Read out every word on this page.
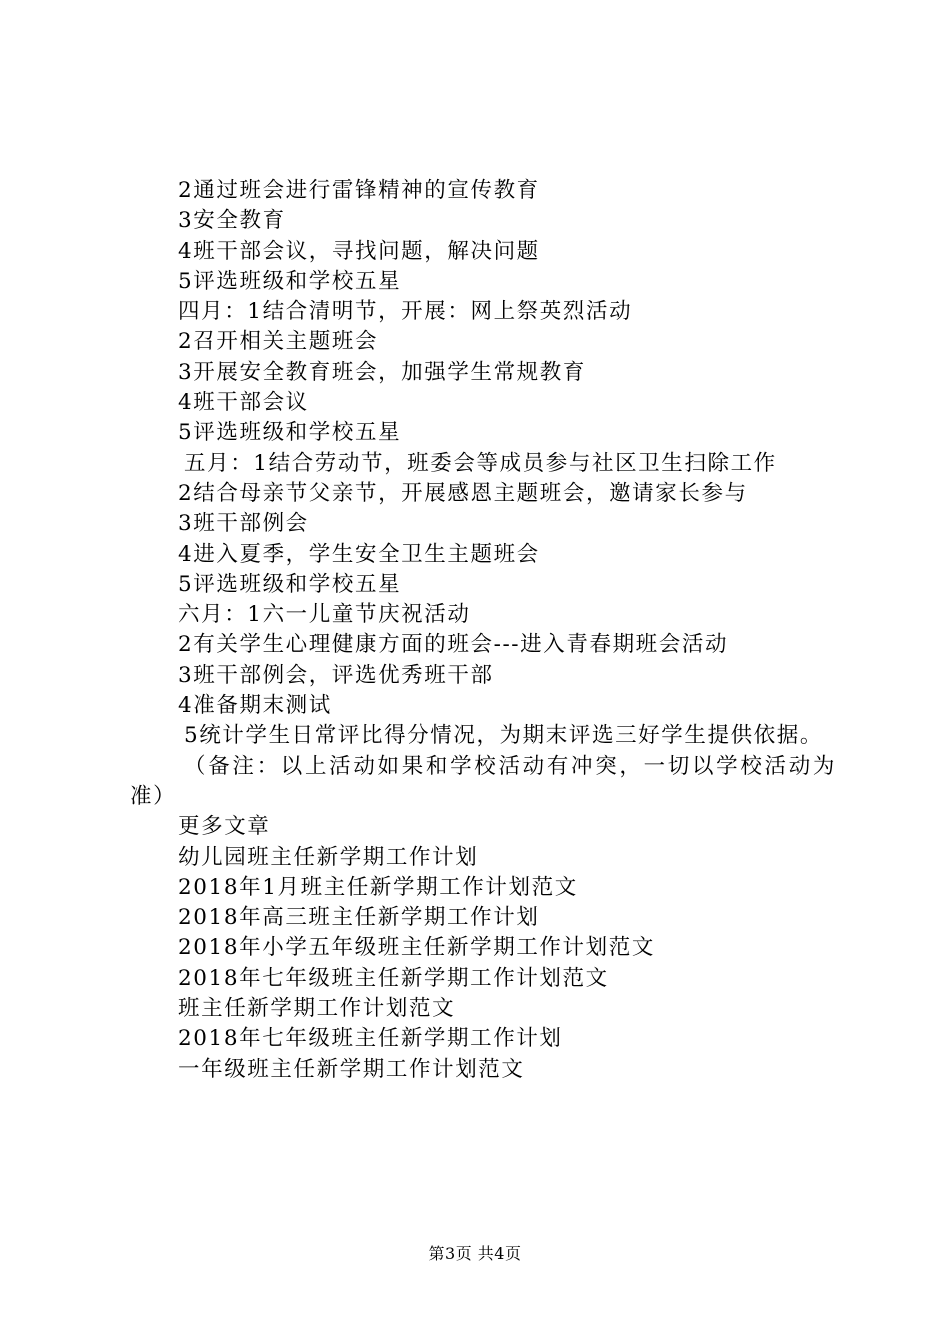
2通过班会进行雷锋精神的宣传教育
3安全教育
4班干部会议，寻找问题，解决问题
5评选班级和学校五星
四月：1结合清明节，开展：网上祭英烈活动
2召开相关主题班会
3开展安全教育班会，加强学生常规教育
4班干部会议
5评选班级和学校五星
五月：1结合劳动节，班委会等成员参与社区卫生扫除工作
2结合母亲节父亲节，开展感恩主题班会，邀请家长参与
3班干部例会
4进入夏季，学生安全卫生主题班会
5评选班级和学校五星
六月：1六一儿童节庆祝活动
2有关学生心理健康方面的班会---进入青春期班会活动
3班干部例会，评选优秀班干部
4准备期末测试
5统计学生日常评比得分情况，为期末评选三好学生提供依据。
（备注：以上活动如果和学校活动有冲突，一切以学校活动为准）
更多文章
幼儿园班主任新学期工作计划
2018年1月班主任新学期工作计划范文
2018年高三班主任新学期工作计划
2018年小学五年级班主任新学期工作计划范文
2018年七年级班主任新学期工作计划范文
班主任新学期工作计划范文
2018年七年级班主任新学期工作计划
一年级班主任新学期工作计划范文
第3页 共4页
